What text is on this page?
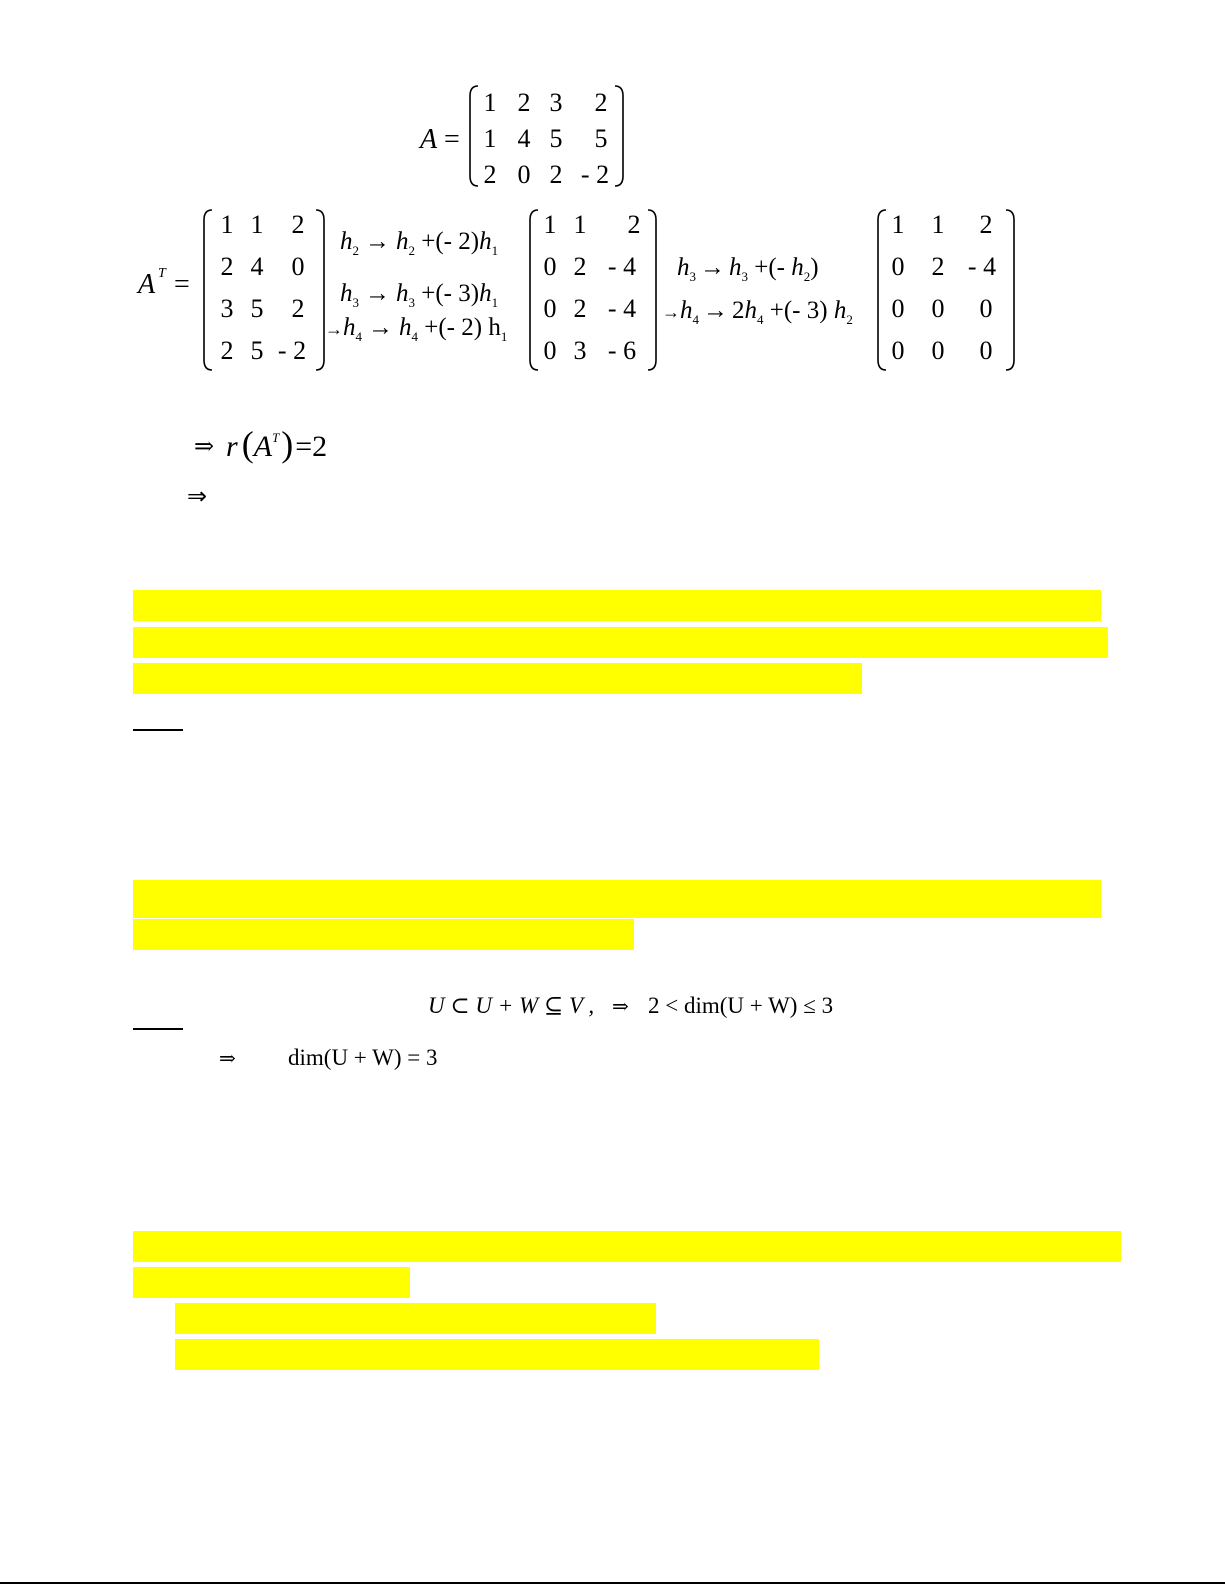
A =
1 2 3 2
1 4 5 5
2 0 2 - 2
A T =
1 1 2
2 4 0
3 5 2
2 5 - 2
$h_2 \to h_2$ +(- $2)h_1$
$h_3 \to h_3$ +(- $3)h_1$
$\to h_4 \to h_4$ +(- 2) $h_1$
1 1 2
0 2 - 4
0 2 - 4
0 3 - 6
$h_3 \to h_3$ +(- $h_2$)
$\to h_4 \to 2h_4$ +(- 3) $h_2$
1 1 2
0 2 - 4
0 0 0
0 0 0
⇒ r $(A^T)=2$
⇒
U ⊂ U + W ⊆ V , ⇒ 2 < dim(U + W) ≤ 3
⇒ dim(U + W) = 3
